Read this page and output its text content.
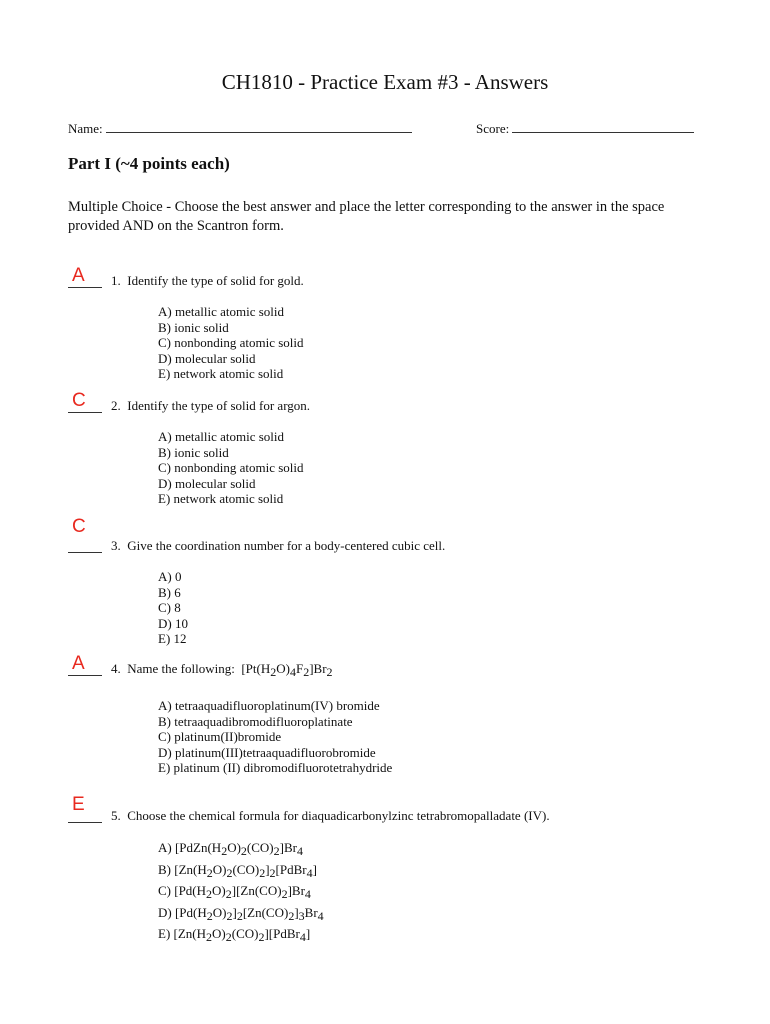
CH1810 - Practice Exam #3 - Answers
Name:	Score:
Part I (~4 points each)
Multiple Choice - Choose the best answer and place the letter corresponding to the answer in the space provided AND on the Scantron form.
A 1. Identify the type of solid for gold.
A) metallic atomic solid
B) ionic solid
C) nonbonding atomic solid
D) molecular solid
E) network atomic solid
C 2. Identify the type of solid for argon.
A) metallic atomic solid
B) ionic solid
C) nonbonding atomic solid
D) molecular solid
E) network atomic solid
C
3. Give the coordination number for a body-centered cubic cell.
A) 0
B) 6
C) 8
D) 10
E) 12
A 4. Name the following: $[Pt(H_2O)_4F_2]Br_2$
A) tetraaquadifluoroplatinum(IV) bromide
B) tetraaquadibromodifluoroplatinate
C) platinum(II)bromide
D) platinum(III)tetraaquadifluorobromide
E) platinum (II) dibromodifluorotetrahydride
E
5. Choose the chemical formula for diaquadicarbonylzinc tetrabromopalladate (IV).
A) $[PdZn(H_2O)_2(CO)_2]Br_4$
B) $[Zn(H_2O)_2(CO)_2]_2[PdBr_4]$
C) $[Pd(H_2O)_2][Zn(CO)_2]Br_4$
D) $[Pd(H_2O)_2]_2[Zn(CO)_2]_3Br_4$
E) $[Zn(H_2O)_2(CO)_2][PdBr_4]$
